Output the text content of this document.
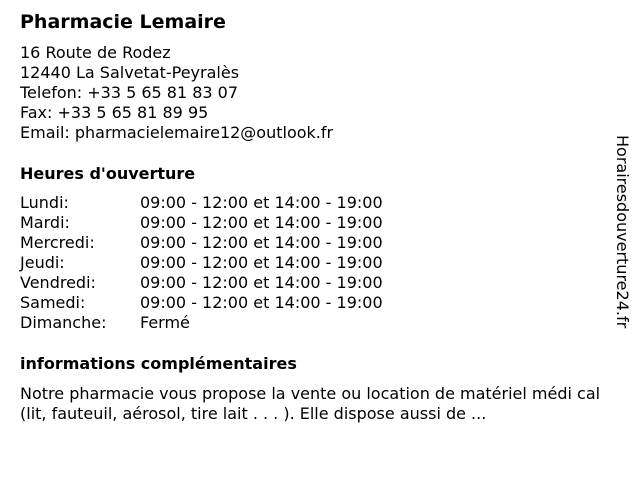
Pharmacie Lemaire
16 Route de Rodez
12440 La Salvetat-Peyralès
Telefon: +33 5 65 81 83 07
Fax: +33 5 65 81 89 95
Email: pharmacielemaire12@outlook.fr
Heures d'ouverture
Lundi:	09:00 - 12:00 et 14:00 - 19:00
Mardi:	09:00 - 12:00 et 14:00 - 19:00
Mercredi:	09:00 - 12:00 et 14:00 - 19:00
Jeudi:	09:00 - 12:00 et 14:00 - 19:00
Vendredi:	09:00 - 12:00 et 14:00 - 19:00
Samedi:	09:00 - 12:00 et 14:00 - 19:00
Dimanche: Fermé
informations complémentaires
Notre pharmacie vous propose la vente ou location de matériel médi cal (lit, fauteuil, aérosol, tire lait . . . ). Elle dispose aussi de ...
Horairesdouverture24.fr
